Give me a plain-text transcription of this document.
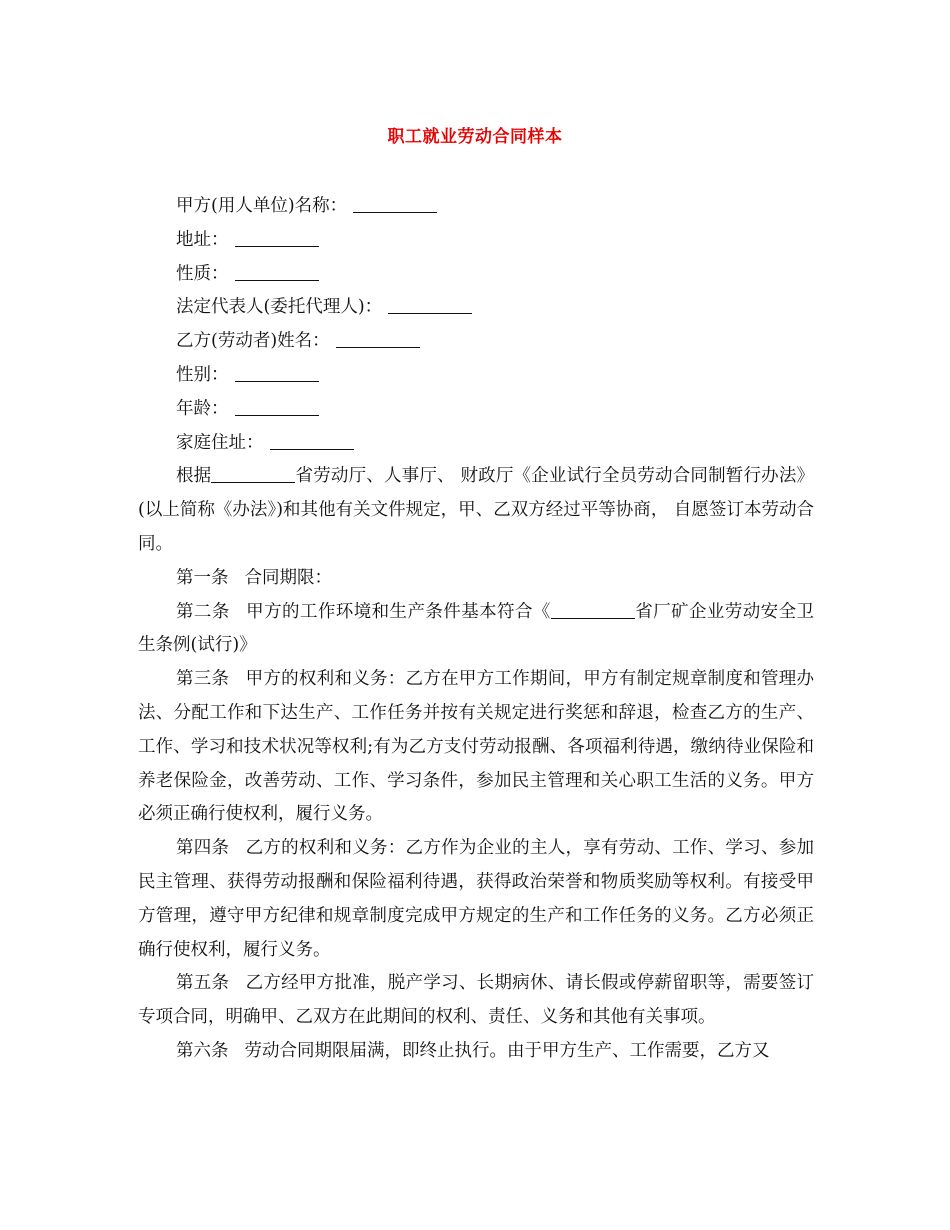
职工就业劳动合同样本

甲方(用人单位)名称：

地址：

性质：

法定代表人(委托代理人)：

乙方(劳动者)姓名：

性别：

年龄：

家庭住址：

根据	省劳动厅、人事厅、 财政厅《企业试行全员劳动合同制暂行办法》(以上简称《办法》)和其他有关文件规定，甲、乙双方经过平等协商， 自愿签订本劳动合同。

第一条 合同期限：

第二条 甲方的工作环境和生产条件基本符合《	省厂矿企业劳动安全卫生条例(试行)》

第三条 甲方的权利和义务：乙方在甲方工作期间，甲方有制定规章制度和管理办法、分配工作和下达生产、工作任务并按有关规定进行奖惩和辞退，检查乙方的生产、工作、学习和技术状况等权利;有为乙方支付劳动报酬、各项福利待遇，缴纳待业保险和养老保险金，改善劳动、工作、学习条件，参加民主管理和关心职工生活的义务。甲方必须正确行使权利，履行义务。

第四条 乙方的权利和义务：乙方作为企业的主人，享有劳动、工作、学习、参加民主管理、获得劳动报酬和保险福利待遇，获得政治荣誉和物质奖励等权利。有接受甲方管理，遵守甲方纪律和规章制度完成甲方规定的生产和工作任务的义务。乙方必须正确行使权利，履行义务。

第五条 乙方经甲方批准，脱产学习、长期病休、请长假或停薪留职等，需要签订专项合同，明确甲、乙双方在此期间的权利、责任、义务和其他有关事项。

第六条 劳动合同期限届满，即终止执行。由于甲方生产、工作需要，乙方又
